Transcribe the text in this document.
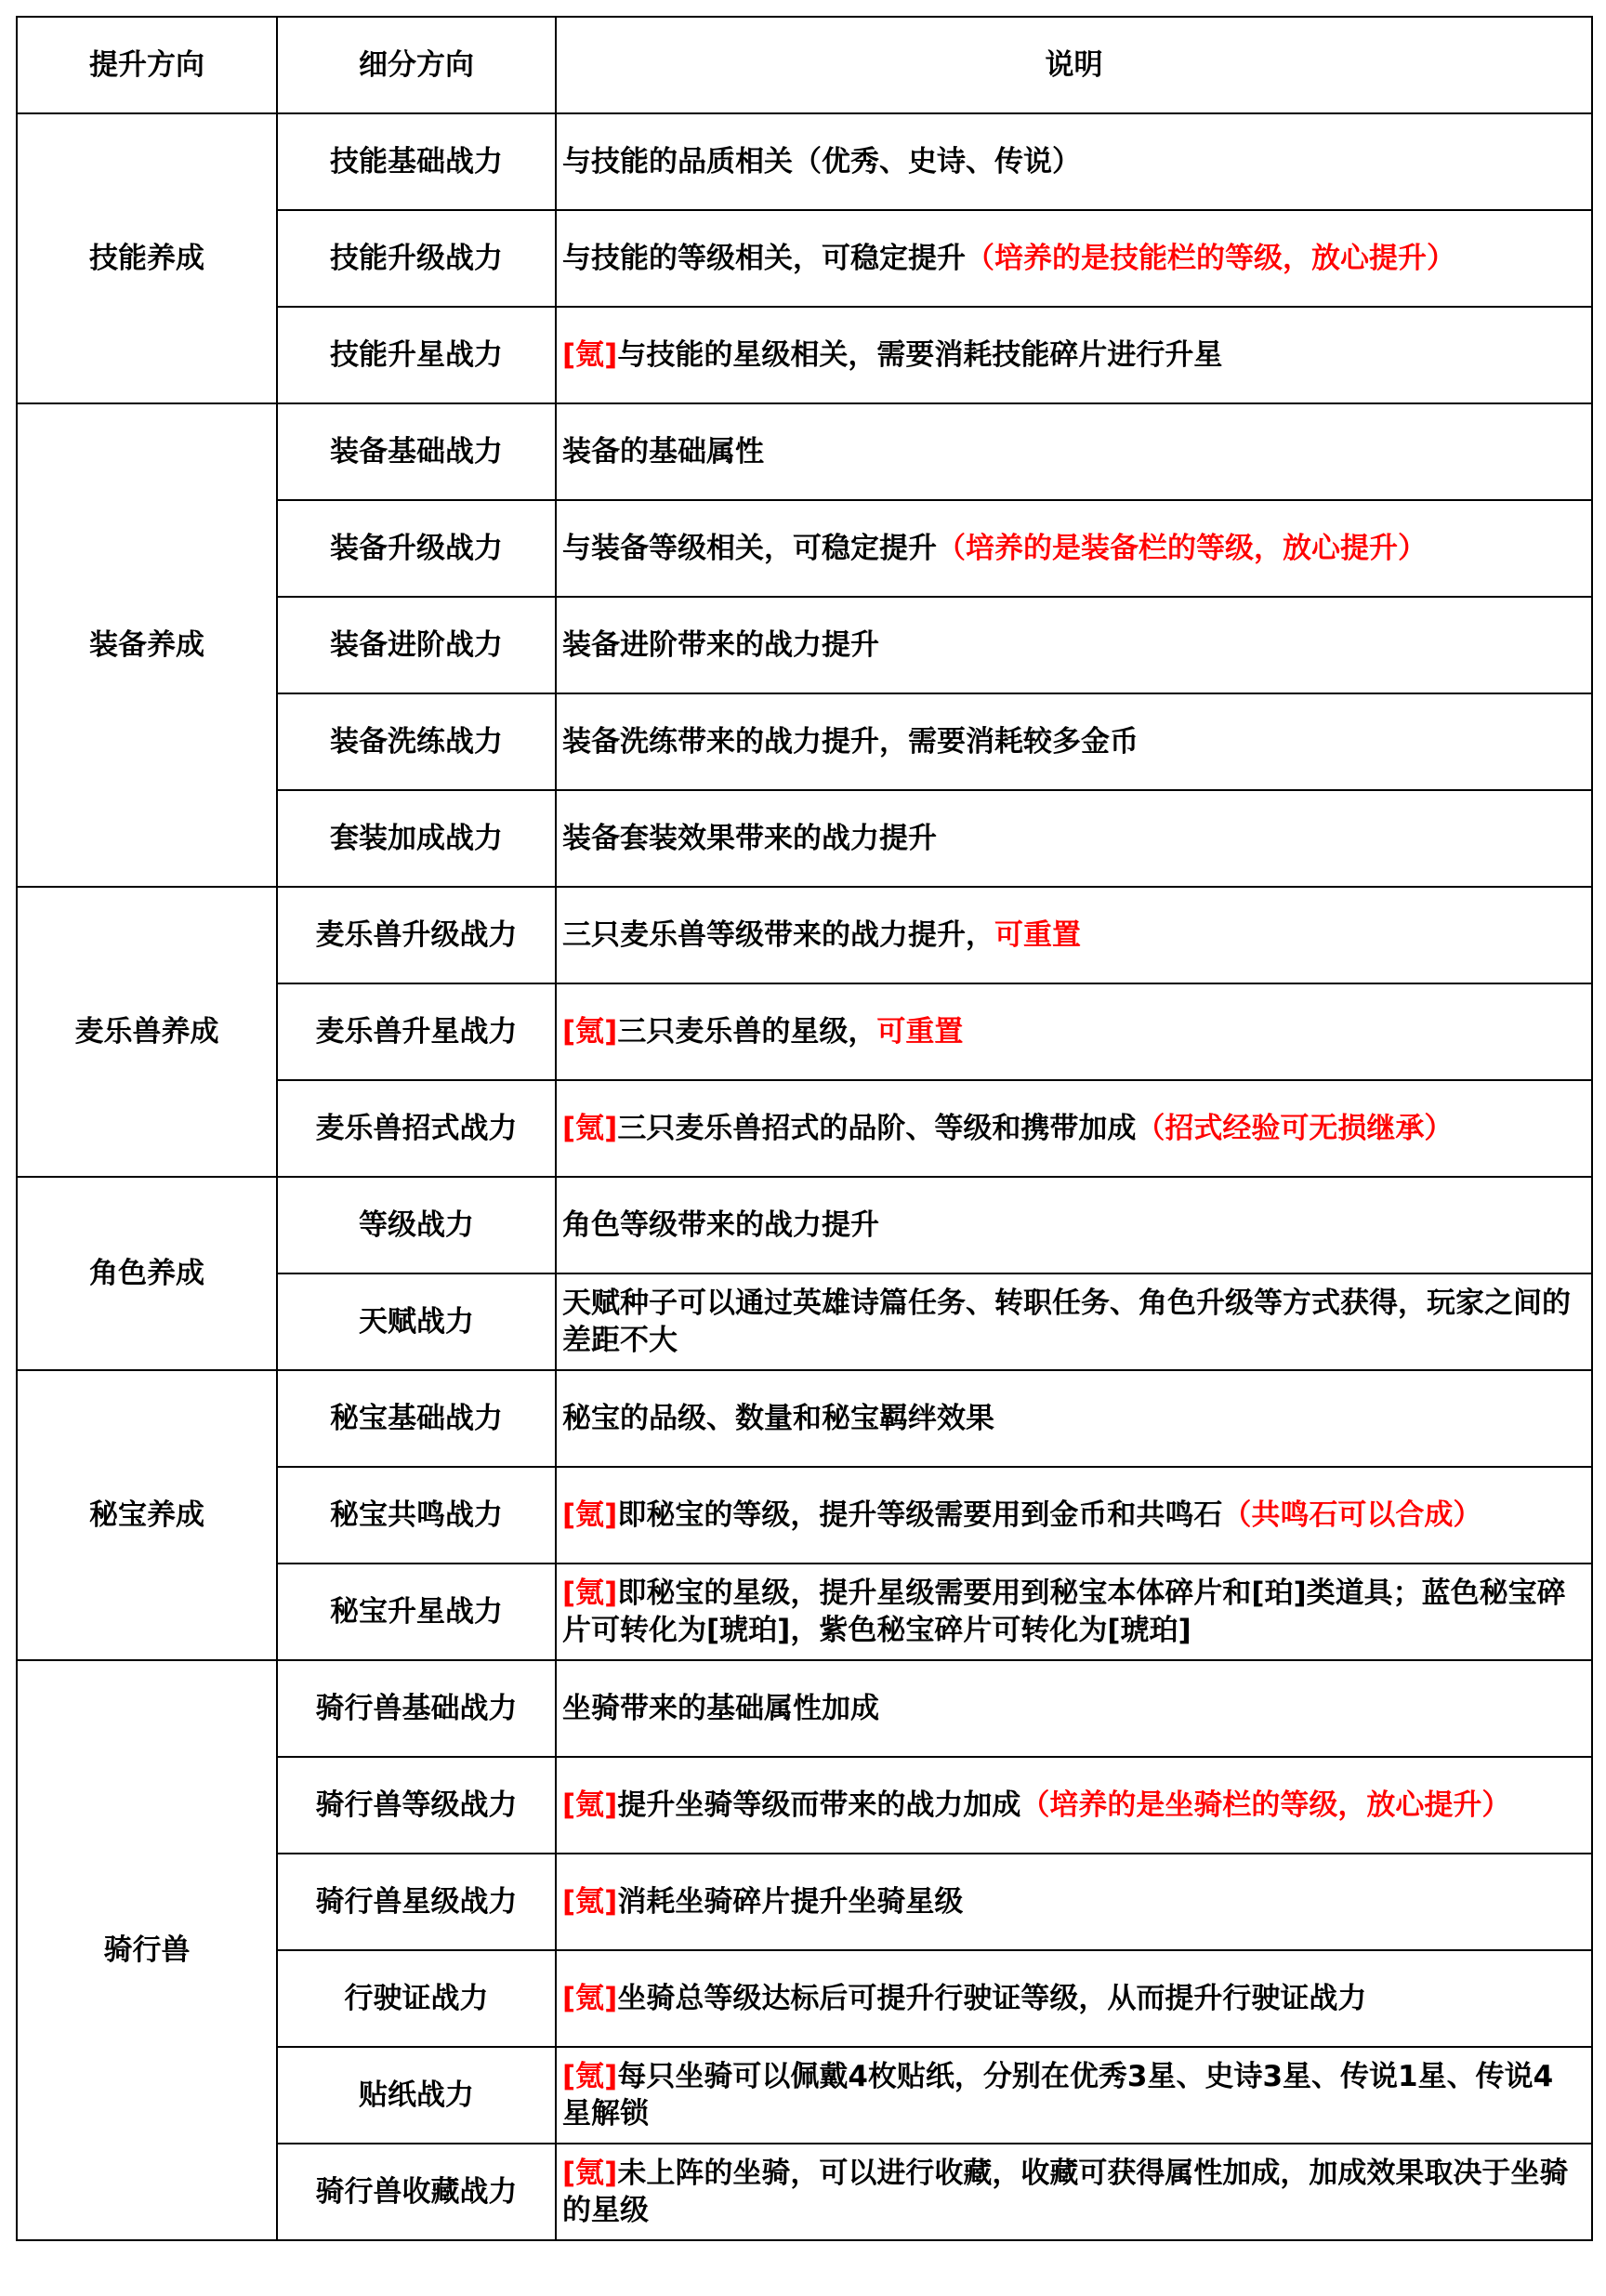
提升方向	细分方向	说明
技能养成	技能基础战力	与技能的品质相关（优秀、史诗、传说）
	技能升级战力	与技能的等级相关，可稳定提升（培养的是技能栏的等级，放心提升）
	技能升星战力	[氪]与技能的星级相关，需要消耗技能碎片进行升星
装备养成	装备基础战力	装备的基础属性
	装备升级战力	与装备等级相关，可稳定提升（培养的是装备栏的等级，放心提升）
	装备进阶战力	装备进阶带来的战力提升
	装备洗练战力	装备洗练带来的战力提升，需要消耗较多金币
	套装加成战力	装备套装效果带来的战力提升
麦乐兽养成	麦乐兽升级战力	三只麦乐兽等级带来的战力提升，可重置
	麦乐兽升星战力	[氪]三只麦乐兽的星级，可重置
	麦乐兽招式战力	[氪]三只麦乐兽招式的品阶、等级和携带加成（招式经验可无损继承）
角色养成	等级战力	角色等级带来的战力提升
	天赋战力	天赋种子可以通过英雄诗篇任务、转职任务、角色升级等方式获得，玩家之间的差距不大
秘宝养成	秘宝基础战力	秘宝的品级、数量和秘宝羁绊效果
	秘宝共鸣战力	[氪]即秘宝的等级，提升等级需要用到金币和共鸣石（共鸣石可以合成）
	秘宝升星战力	[氪]即秘宝的星级，提升星级需要用到秘宝本体碎片和[珀]类道具；蓝色秘宝碎片可转化为[琥珀]，紫色秘宝碎片可转化为[琥珀]
骑行兽	骑行兽基础战力	坐骑带来的基础属性加成
	骑行兽等级战力	[氪]提升坐骑等级而带来的战力加成（培养的是坐骑栏的等级，放心提升）
	骑行兽星级战力	[氪]消耗坐骑碎片提升坐骑星级
	行驶证战力	[氪]坐骑总等级达标后可提升行驶证等级，从而提升行驶证战力
	贴纸战力	[氪]每只坐骑可以佩戴4枚贴纸，分别在优秀3星、史诗3星、传说1星、传说4星解锁
	骑行兽收藏战力	[氪]未上阵的坐骑，可以进行收藏，收藏可获得属性加成，加成效果取决于坐骑的星级
